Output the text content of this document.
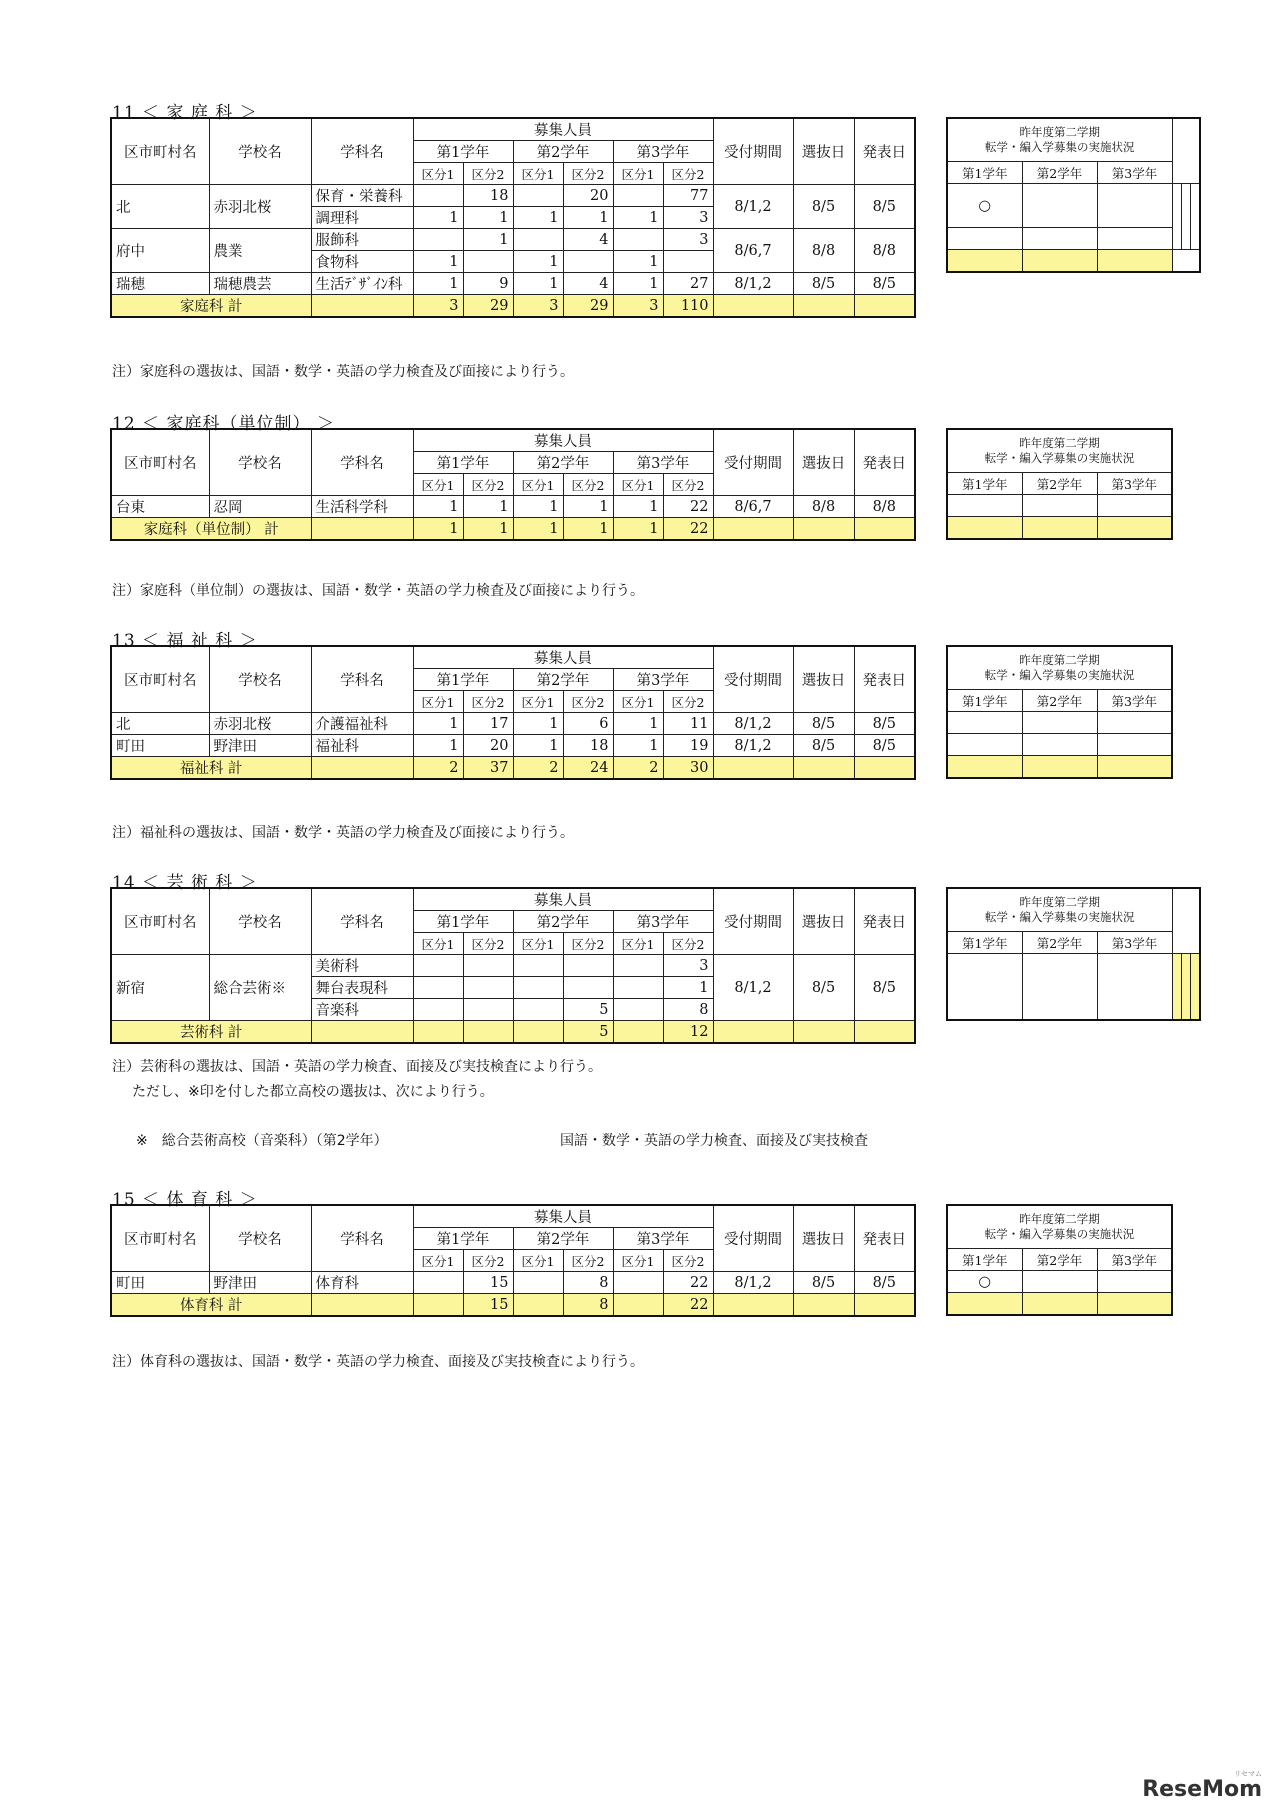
11 ＜ 家 庭 科 ＞
区市町村名	学校名	学科名	募集人員						受付期間	選抜日	発表日
			第1学年		第2学年		第3学年				
			区分1	区分2	区分1	区分2	区分1	区分2			
北	赤羽北桜	保育・栄養科		18		20		77	8/1,2	8/5	8/5
		調理科	1	1	1	1	1	3			
府中	農業	服飾科		1		4		3	8/6,7	8/8	8/8
		食物科	1		1		1				
瑞穂	瑞穂農芸	生活ﾃﾞｻﾞｲﾝ科	1	9	1	4	1	27	8/1,2	8/5	8/5
家庭科 計			3	29	3	29	3	110			
昨年度第二学期
転学・編入学募集の実施状況					
第1学年	第2学年	第3学年			
○					

注）家庭科の選抜は、国語・数学・英語の学力検査及び面接により行う。
12 ＜ 家庭科（単位制） ＞
区市町村名	学校名	学科名	募集人員						受付期間	選抜日	発表日
			第1学年		第2学年		第3学年				
			区分1	区分2	区分1	区分2	区分1	区分2			
台東	忍岡	生活科学科	1	1	1	1	1	22	8/6,7	8/8	8/8
家庭科（単位制） 計			1	1	1	1	1	22			
昨年度第二学期
転学・編入学募集の実施状況		
第1学年	第2学年	第3学年

注）家庭科（単位制）の選抜は、国語・数学・英語の学力検査及び面接により行う。
13 ＜ 福 祉 科 ＞
区市町村名	学校名	学科名	募集人員						受付期間	選抜日	発表日
			第1学年		第2学年		第3学年				
			区分1	区分2	区分1	区分2	区分1	区分2			
北	赤羽北桜	介護福祉科	1	17	1	6	1	11	8/1,2	8/5	8/5
町田	野津田	福祉科	1	20	1	18	1	19	8/1,2	8/5	8/5
福祉科 計			2	37	2	24	2	30			
昨年度第二学期
転学・編入学募集の実施状況		
第1学年	第2学年	第3学年

注）福祉科の選抜は、国語・数学・英語の学力検査及び面接により行う。
14 ＜ 芸 術 科 ＞
区市町村名	学校名	学科名	募集人員						受付期間	選抜日	発表日
			第1学年		第2学年		第3学年				
			区分1	区分2	区分1	区分2	区分1	区分2			
新宿	総合芸術※	美術科						3	8/1,2	8/5	8/5
		舞台表現科						1			
		音楽科				5		8			
芸術科 計						5		12			
昨年度第二学期
転学・編入学募集の実施状況					
第1学年	第2学年	第3学年			

注）芸術科の選抜は、国語・英語の学力検査、面接及び実技検査により行う。
ただし、※印を付した都立高校の選抜は、次により行う。
※　総合芸術高校（音楽科）（第2学年）	国語・数学・英語の学力検査、面接及び実技検査
15 ＜ 体 育 科 ＞
区市町村名	学校名	学科名	募集人員						受付期間	選抜日	発表日
			第1学年		第2学年		第3学年				
			区分1	区分2	区分1	区分2	区分1	区分2			
町田	野津田	体育科		15		8		22	8/1,2	8/5	8/5
体育科 計				15		8		22			
昨年度第二学期
転学・編入学募集の実施状況		
第1学年	第2学年	第3学年
○		

注）体育科の選抜は、国語・数学・英語の学力検査、面接及び実技検査により行う。
リセマム
ReseMom
